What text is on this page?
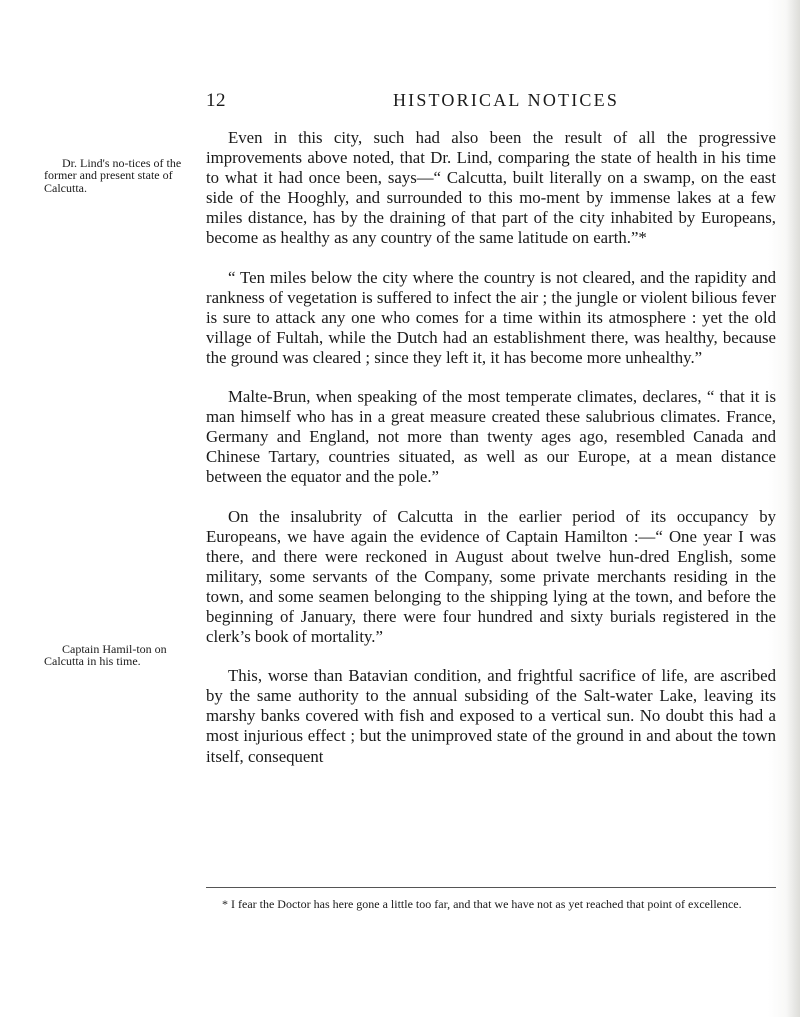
12	HISTORICAL NOTICES
Dr. Lind's no-tices of the former and present state of Calcutta.
Captain Hamil-ton on Calcutta in his time.

Even in this city, such had also been the result of all the progressive improvements above noted, that Dr. Lind, comparing the state of health in his time to what it had once been, says—“ Calcutta, built literally on a swamp, on the east side of the Hooghly, and surrounded to this mo-ment by immense lakes at a few miles distance, has by the draining of that part of the city inhabited by Europeans, become as healthy as any country of the same latitude on earth.”*

“ Ten miles below the city where the country is not cleared, and the rapidity and rankness of vegetation is suffered to infect the air ; the jungle or violent bilious fever is sure to attack any one who comes for a time within its atmosphere : yet the old village of Fultah, while the Dutch had an establishment there, was healthy, because the ground was cleared ; since they left it, it has become more unhealthy.”

Malte-Brun, when speaking of the most temperate climates, declares, “ that it is man himself who has in a great measure created these salubrious climates. France, Germany and England, not more than twenty ages ago, resembled Canada and Chinese Tartary, countries situated, as well as our Europe, at a mean distance between the equator and the pole.”

On the insalubrity of Calcutta in the earlier period of its occupancy by Europeans, we have again the evidence of Captain Hamilton :—“ One year I was there, and there were reckoned in August about twelve hun-dred English, some military, some servants of the Company, some private merchants residing in the town, and some seamen belonging to the shipping lying at the town, and before the beginning of January, there were four hundred and sixty burials registered in the clerk’s book of mortality.”

This, worse than Batavian condition, and frightful sacrifice of life, are ascribed by the same authority to the annual subsiding of the Salt-water Lake, leaving its marshy banks covered with fish and exposed to a vertical sun. No doubt this had a most injurious effect ; but the unimproved state of the ground in and about the town itself, consequent

* I fear the Doctor has here gone a little too far, and that we have not as yet reached that point of excellence.
